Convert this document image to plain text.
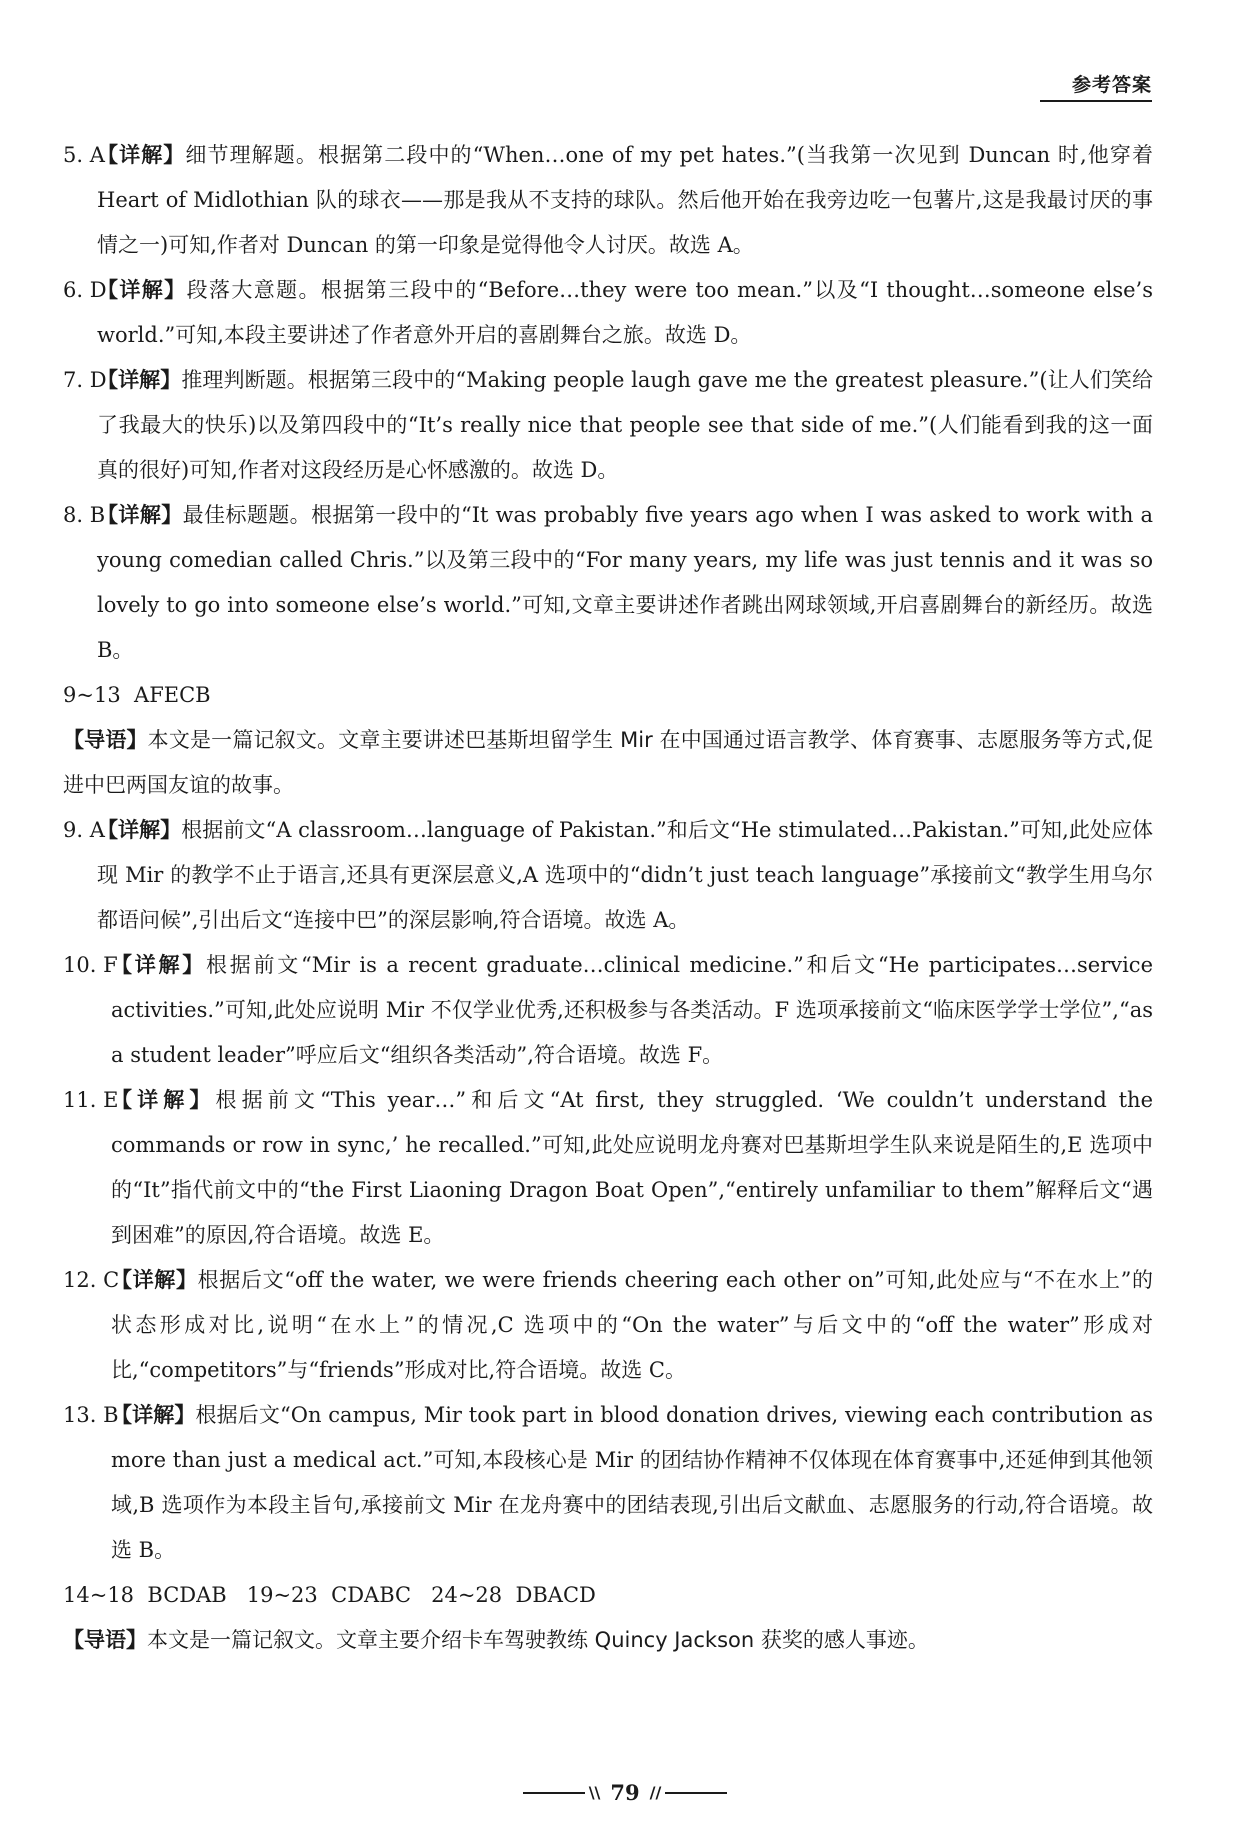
参考答案
5. A
【详解】细节理解题。根据第二段中的“When…one of my pet hates.”(当我第一次见到 Duncan 时,他穿着 Heart of Midlothian 队的球衣——那是我从不支持的球队。然后他开始在我旁边吃一包薯片,这是我最讨厌的事情之一)可知,作者对 Duncan 的第一印象是觉得他令人讨厌。故选 A。
6. D
【详解】段落大意题。根据第三段中的“Before…they were too mean.”以及“I thought…someone else’s world.”可知,本段主要讲述了作者意外开启的喜剧舞台之旅。故选 D。
7. D
【详解】推理判断题。根据第三段中的“Making people laugh gave me the greatest pleasure.”(让人们笑给了我最大的快乐)以及第四段中的“It’s really nice that people see that side of me.”(人们能看到我的这一面真的很好)可知,作者对这段经历是心怀感激的。故选 D。
8. B
【详解】最佳标题题。根据第一段中的“It was probably five years ago when I was asked to work with a young comedian called Chris.”以及第三段中的“For many years, my life was just tennis and it was so lovely to go into someone else’s world.”可知,文章主要讲述作者跳出网球领域,开启喜剧舞台的新经历。故选 B。
9~13  AFECB
【导语】本文是一篇记叙文。文章主要讲述巴基斯坦留学生 Mir 在中国通过语言教学、体育赛事、志愿服务等方式,促进中巴两国友谊的故事。
9. A
【详解】根据前文“A classroom…language of Pakistan.”和后文“He stimulated…Pakistan.”可知,此处应体现 Mir 的教学不止于语言,还具有更深层意义,A 选项中的“didn’t just teach language”承接前文“教学生用乌尔都语问候”,引出后文“连接中巴”的深层影响,符合语境。故选 A。
10. F
【详解】根据前文“Mir is a recent graduate…clinical medicine.”和后文“He participates…service activities.”可知,此处应说明 Mir 不仅学业优秀,还积极参与各类活动。F 选项承接前文“临床医学学士学位”,“as a student leader”呼应后文“组织各类活动”,符合语境。故选 F。
11. E
【详解】根据前文“This year…”和后文“At first, they struggled. ‘We couldn’t understand the commands or row in sync,’ he recalled.”可知,此处应说明龙舟赛对巴基斯坦学生队来说是陌生的,E 选项中的“It”指代前文中的“the First Liaoning Dragon Boat Open”,“entirely unfamiliar to them”解释后文“遇到困难”的原因,符合语境。故选 E。
12. C
【详解】根据后文“off the water, we were friends cheering each other on”可知,此处应与“不在水上”的状态形成对比,说明“在水上”的情况,C 选项中的“On the water”与后文中的“off the water”形成对比,“competitors”与“friends”形成对比,符合语境。故选 C。
13. B
【详解】根据后文“On campus, Mir took part in blood donation drives, viewing each contribution as more than just a medical act.”可知,本段核心是 Mir 的团结协作精神不仅体现在体育赛事中,还延伸到其他领域,B 选项作为本段主旨句,承接前文 Mir 在龙舟赛中的团结表现,引出后文献血、志愿服务的行动,符合语境。故选 B。
14~18  BCDAB   19~23  CDABC   24~28  DBACD
【导语】本文是一篇记叙文。文章主要介绍卡车驾驶教练 Quincy Jackson 获奖的感人事迹。
\\ 79 //
